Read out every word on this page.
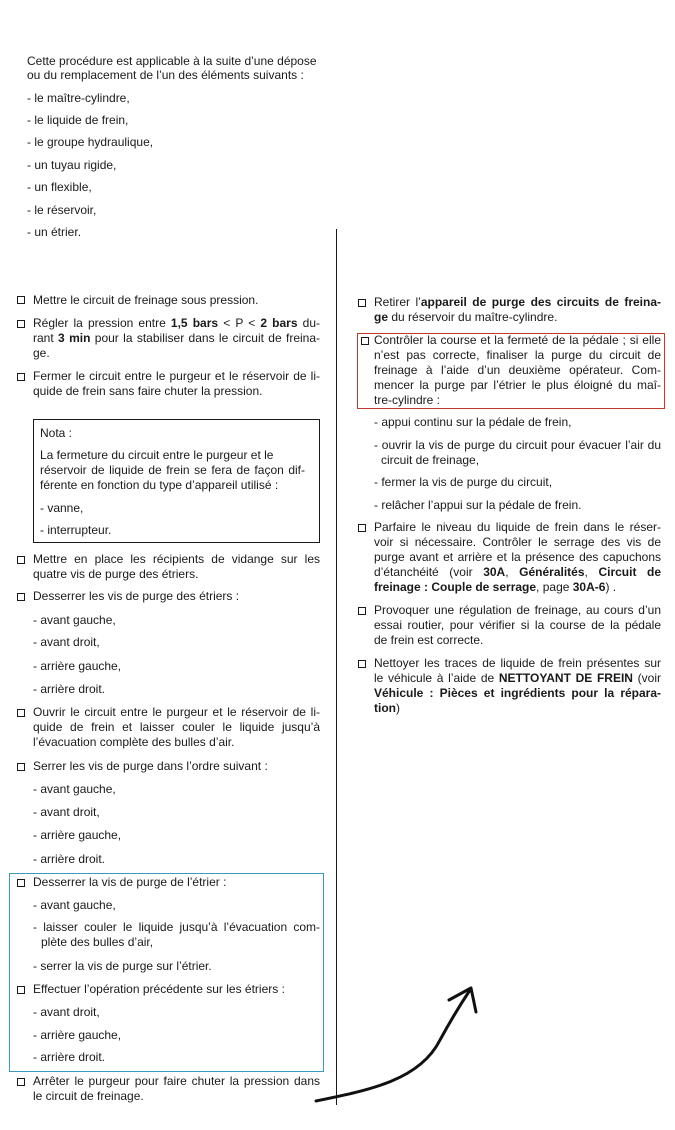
Cette procédure est applicable à la suite d’une dépose
ou du remplacement de l’un des éléments suivants :
- le maître-cylindre,
- le liquide de frein,
- le groupe hydraulique,
- un tuyau rigide,
- un flexible,
- le réservoir,
- un étrier.
Mettre le circuit de freinage sous pression.
Régler la pression entre 1,5 bars < P < 2 bars du-
rant 3 min pour la stabiliser dans le circuit de freina-
ge.
Fermer le circuit entre le purgeur et le réservoir de li-
quide de frein sans faire chuter la pression.
Nota :
La fermeture du circuit entre le purgeur et le
réservoir de liquide de frein se fera de façon dif-
férente en fonction du type d’appareil utilisé :
- vanne,
- interrupteur.
Mettre en place les récipients de vidange sur les
quatre vis de purge des étriers.
Desserrer les vis de purge des étriers :
- avant gauche,
- avant droit,
- arrière gauche,
- arrière droit.
Ouvrir le circuit entre le purgeur et le réservoir de li-
quide de frein et laisser couler le liquide jusqu’à
l’évacuation complète des bulles d’air.
Serrer les vis de purge dans l’ordre suivant :
- avant gauche,
- avant droit,
- arrière gauche,
- arrière droit.
Desserrer la vis de purge de l’étrier :
- avant gauche,
- laisser couler le liquide jusqu’à l’évacuation com-
plète des bulles d’air,
- serrer la vis de purge sur l’étrier.
Effectuer l’opération précédente sur les étriers :
- avant droit,
- arrière gauche,
- arrière droit.
Arrêter le purgeur pour faire chuter la pression dans
le circuit de freinage.
Retirer l’appareil de purge des circuits de freina-
ge du réservoir du maître-cylindre.
Contrôler la course et la fermeté de la pédale ; si elle
n’est pas correcte, finaliser la purge du circuit de
freinage à l’aide d’un deuxième opérateur. Com-
mencer la purge par l’étrier le plus éloigné du maî-
tre-cylindre :
- appui continu sur la pédale de frein,
- ouvrir la vis de purge du circuit pour évacuer l’air du
circuit de freinage,
- fermer la vis de purge du circuit,
- relâcher l’appui sur la pédale de frein.
Parfaire le niveau du liquide de frein dans le réser-
voir si nécessaire. Contrôler le serrage des vis de
purge avant et arrière et la présence des capuchons
d’étanchéité (voir 30A, Généralités, Circuit de
freinage : Couple de serrage, page 30A-6) .
Provoquer une régulation de freinage, au cours d’un
essai routier, pour vérifier si la course de la pédale
de frein est correcte.
Nettoyer les traces de liquide de frein présentes sur
le véhicule à l’aide de NETTOYANT DE FREIN (voir
Véhicule : Pièces et ingrédients pour la répara-
tion)
